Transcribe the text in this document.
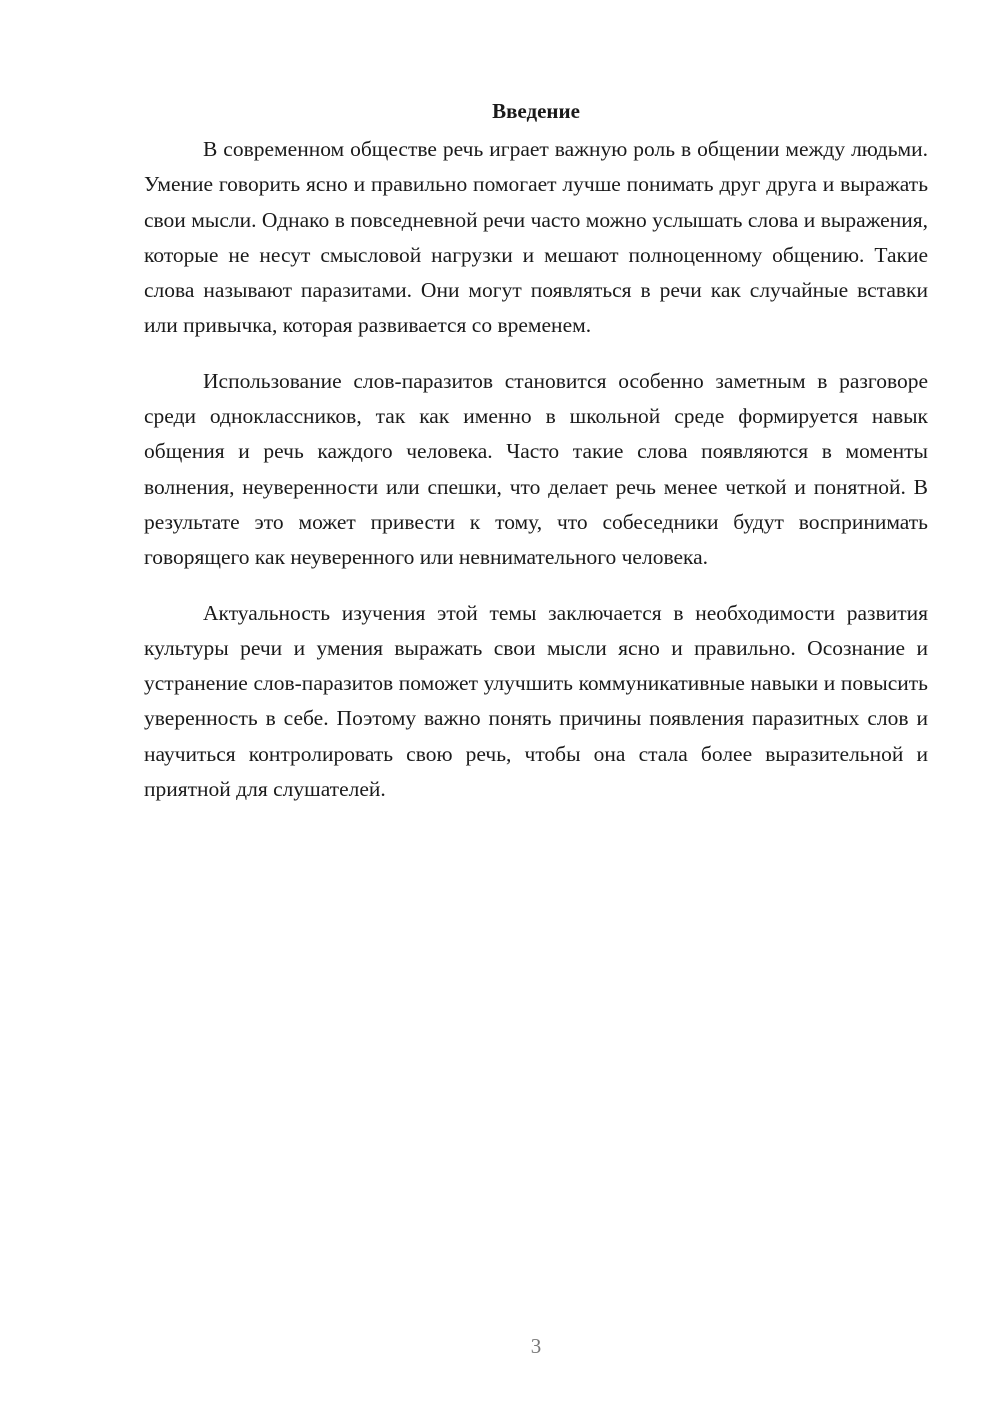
Введение

В современном обществе речь играет важную роль в общении между людьми. Умение говорить ясно и правильно помогает лучше понимать друг друга и выражать свои мысли. Однако в повседневной речи часто можно услышать слова и выражения, которые не несут смысловой нагрузки и мешают полноценному общению. Такие слова называют паразитами. Они могут появляться в речи как случайные вставки или привычка, которая развивается со временем.

Использование слов-паразитов становится особенно заметным в разговоре среди одноклассников, так как именно в школьной среде формируется навык общения и речь каждого человека. Часто такие слова появляются в моменты волнения, неуверенности или спешки, что делает речь менее четкой и понятной. В результате это может привести к тому, что собеседники будут воспринимать говорящего как неуверенного или невнимательного человека.

Актуальность изучения этой темы заключается в необходимости развития культуры речи и умения выражать свои мысли ясно и правильно. Осознание и устранение слов-паразитов поможет улучшить коммуникативные навыки и повысить уверенность в себе. Поэтому важно понять причины появления паразитных слов и научиться контролировать свою речь, чтобы она стала более выразительной и приятной для слушателей.

3
